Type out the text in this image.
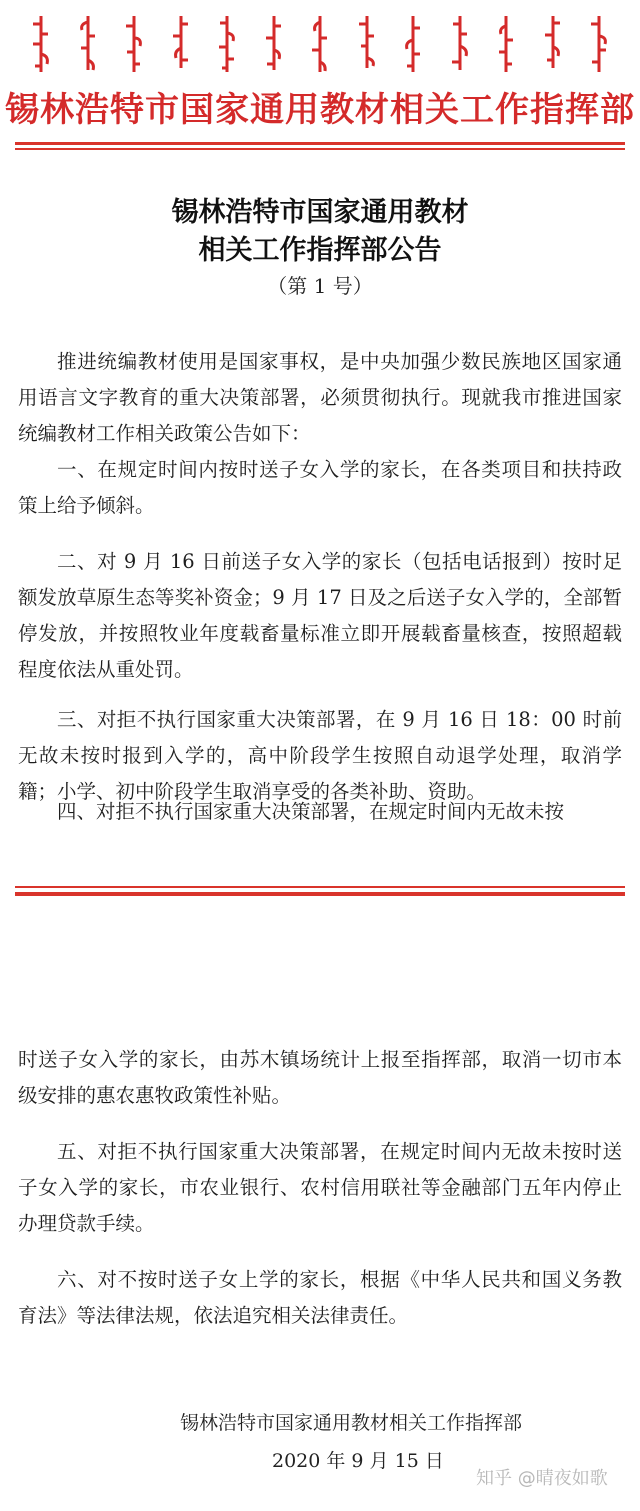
锡林浩特市国家通用教材相关工作指挥部
锡林浩特市国家通用教材
相关工作指挥部公告
（第 1 号）

推进统编教材使用是国家事权，是中央加强少数民族地区国家通用语言文字教育的重大决策部署，必须贯彻执行。现就我市推进国家统编教材工作相关政策公告如下：

一、在规定时间内按时送子女入学的家长，在各类项目和扶持政策上给予倾斜。

二、对 9 月 16 日前送子女入学的家长（包括电话报到）按时足额发放草原生态等奖补资金；9 月 17 日及之后送子女入学的，全部暂停发放，并按照牧业年度载畜量标准立即开展载畜量核查，按照超载程度依法从重处罚。

三、对拒不执行国家重大决策部署，在 9 月 16 日 18：00 时前无故未按时报到入学的，高中阶段学生按照自动退学处理，取消学籍；小学、初中阶段学生取消享受的各类补助、资助。

四、对拒不执行国家重大决策部署，在规定时间内无故未按

时送子女入学的家长，由苏木镇场统计上报至指挥部，取消一切市本级安排的惠农惠牧政策性补贴。

五、对拒不执行国家重大决策部署，在规定时间内无故未按时送子女入学的家长，市农业银行、农村信用联社等金融部门五年内停止办理贷款手续。

六、对不按时送子女上学的家长，根据《中华人民共和国义务教育法》等法律法规，依法追究相关法律责任。

锡林浩特市国家通用教材相关工作指挥部
2020 年 9 月 15 日
知乎 @晴夜如歌
